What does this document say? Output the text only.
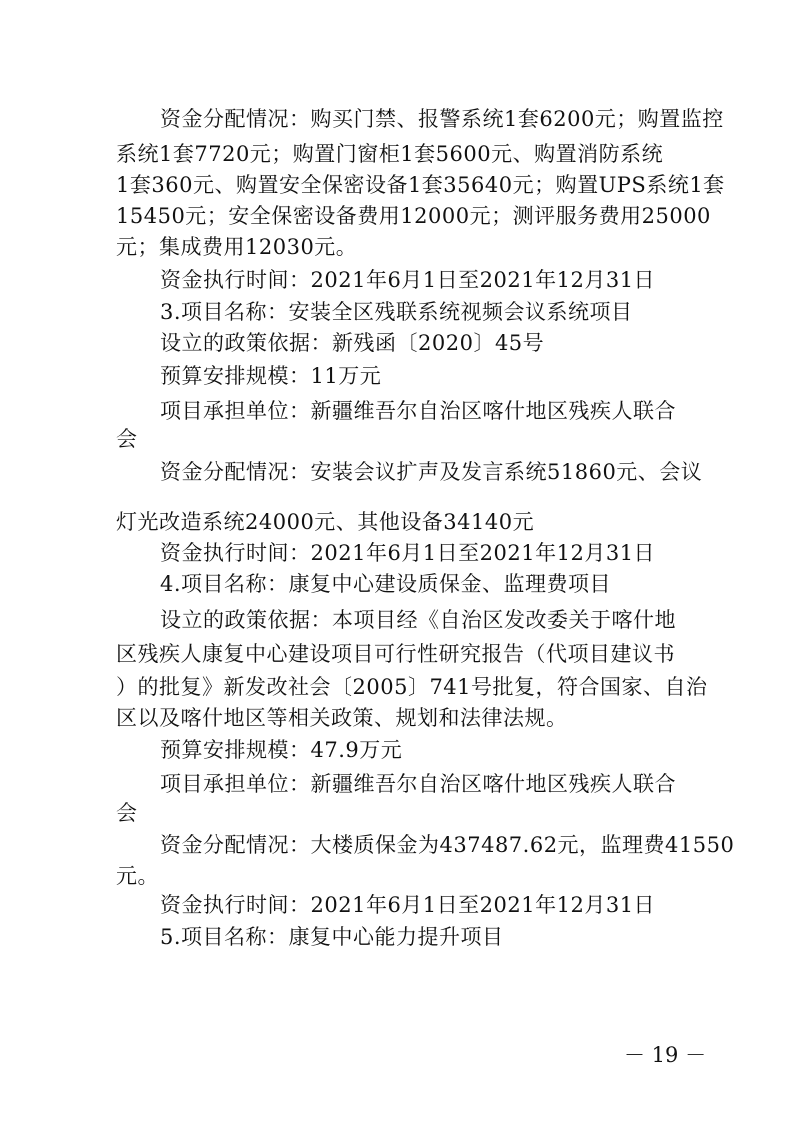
资金分配情况：购买门禁、报警系统1套6200元；购置监控
系统1套7720元；购置门窗柜1套5600元、购置消防系统
1套360元、购置安全保密设备1套35640元；购置UPS系统1套
15450元；安全保密设备费用12000元；测评服务费用25000
元；集成费用12030元。
资金执行时间：2021年6月1日至2021年12月31日
3.项目名称：安装全区残联系统视频会议系统项目
设立的政策依据：新残函〔2020〕45号
预算安排规模：11万元
项目承担单位：新疆维吾尔自治区喀什地区残疾人联合
会
资金分配情况：安装会议扩声及发言系统51860元、会议
灯光改造系统24000元、其他设备34140元
资金执行时间：2021年6月1日至2021年12月31日
4.项目名称：康复中心建设质保金、监理费项目
设立的政策依据：本项目经《自治区发改委关于喀什地
区残疾人康复中心建设项目可行性研究报告（代项目建议书
）的批复》新发改社会〔2005〕741号批复，符合国家、自治
区以及喀什地区等相关政策、规划和法律法规。
预算安排规模：47.9万元
项目承担单位：新疆维吾尔自治区喀什地区残疾人联合
会
资金分配情况：大楼质保金为437487.62元，监理费41550
元。
资金执行时间：2021年6月1日至2021年12月31日
5.项目名称：康复中心能力提升项目
－ 19 －
